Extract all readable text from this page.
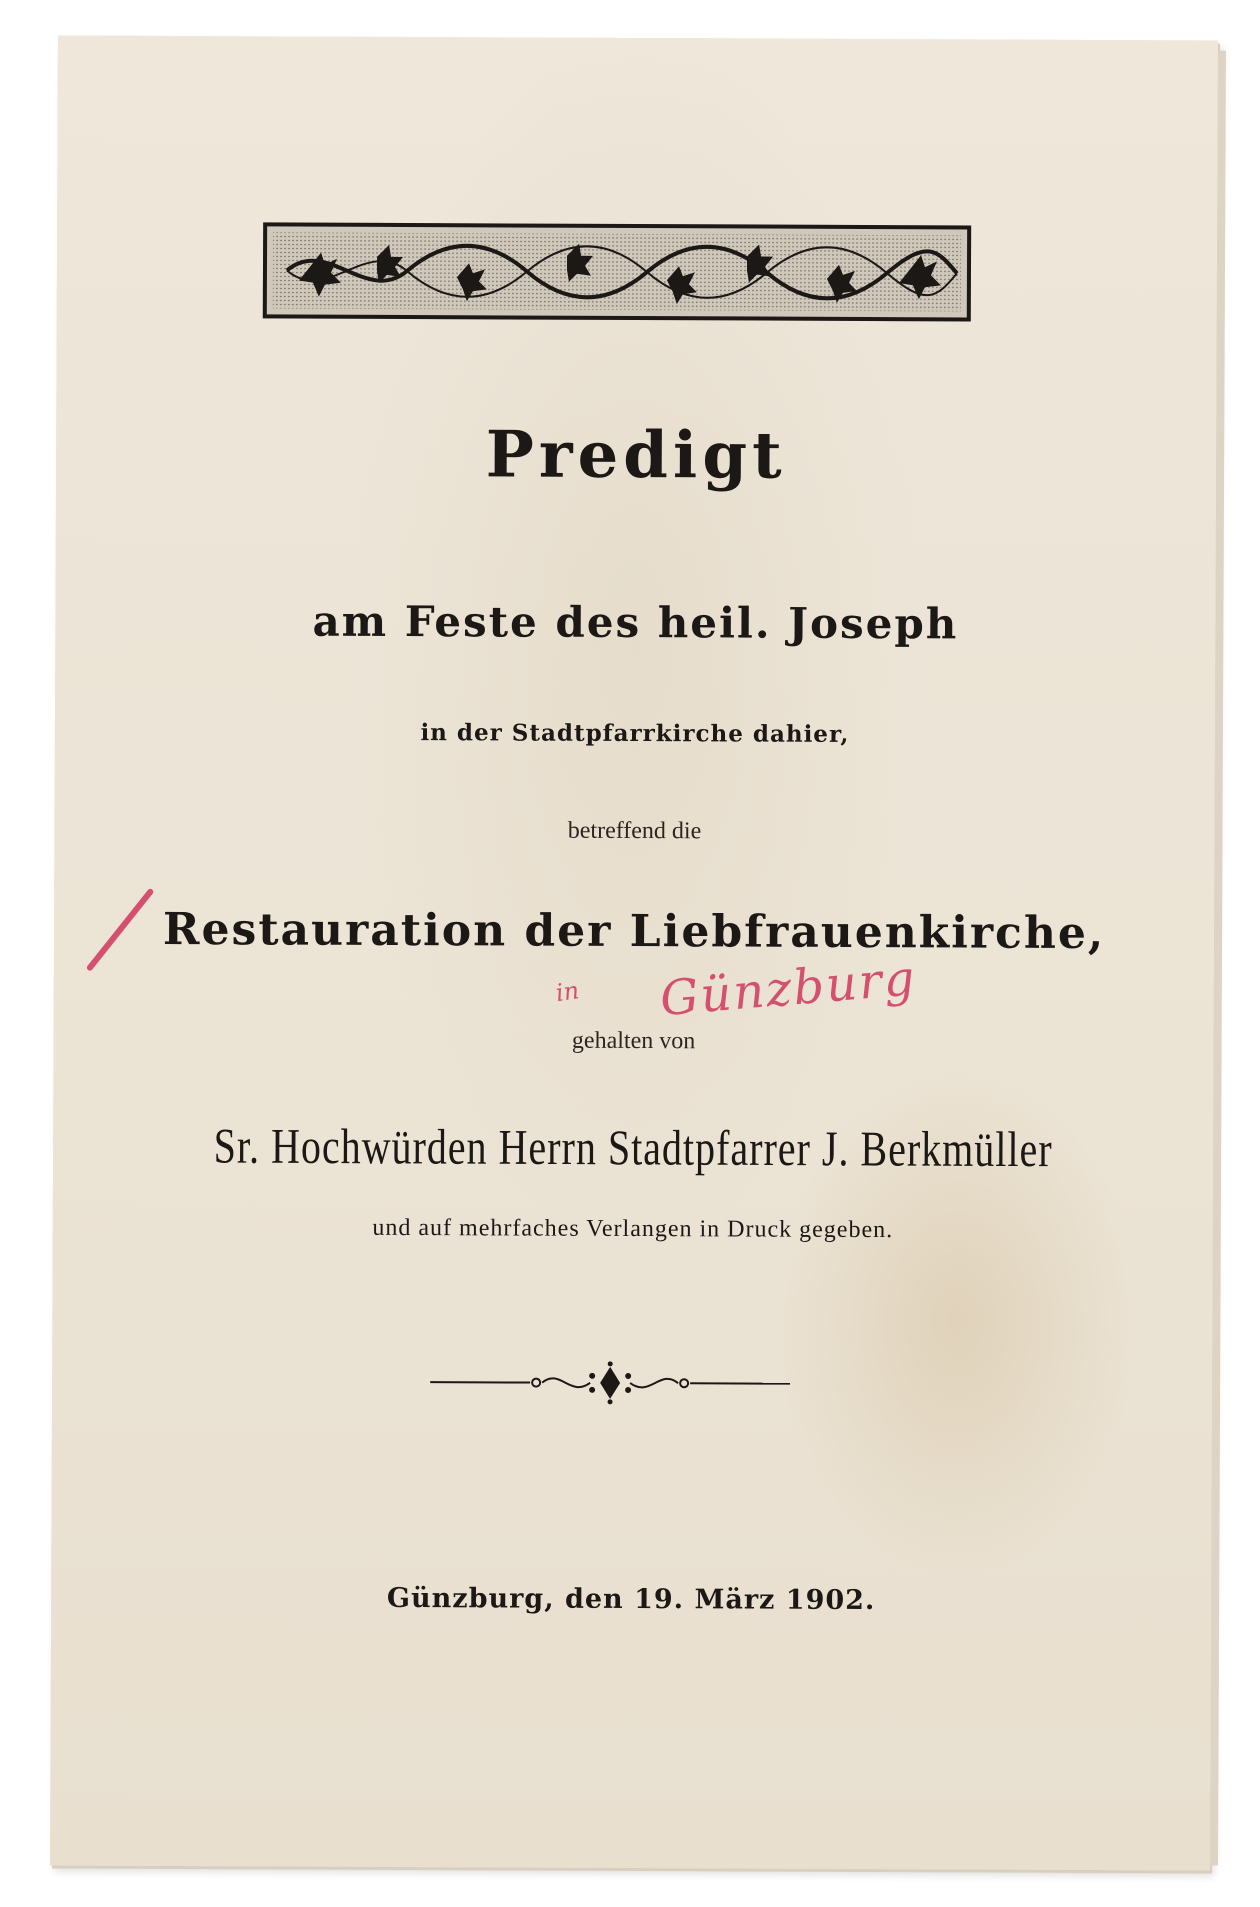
Predigt
am Feste des heil. Joseph
in der Stadtpfarrkirche dahier,
betreffend die
Restauration der Liebfrauenkirche,
in Günzburg
gehalten von
Sr. Hochwürden Herrn Stadtpfarrer J. Berkmüller
und auf mehrfaches Verlangen in Druck gegeben.
Günzburg, den 19. März 1902.
